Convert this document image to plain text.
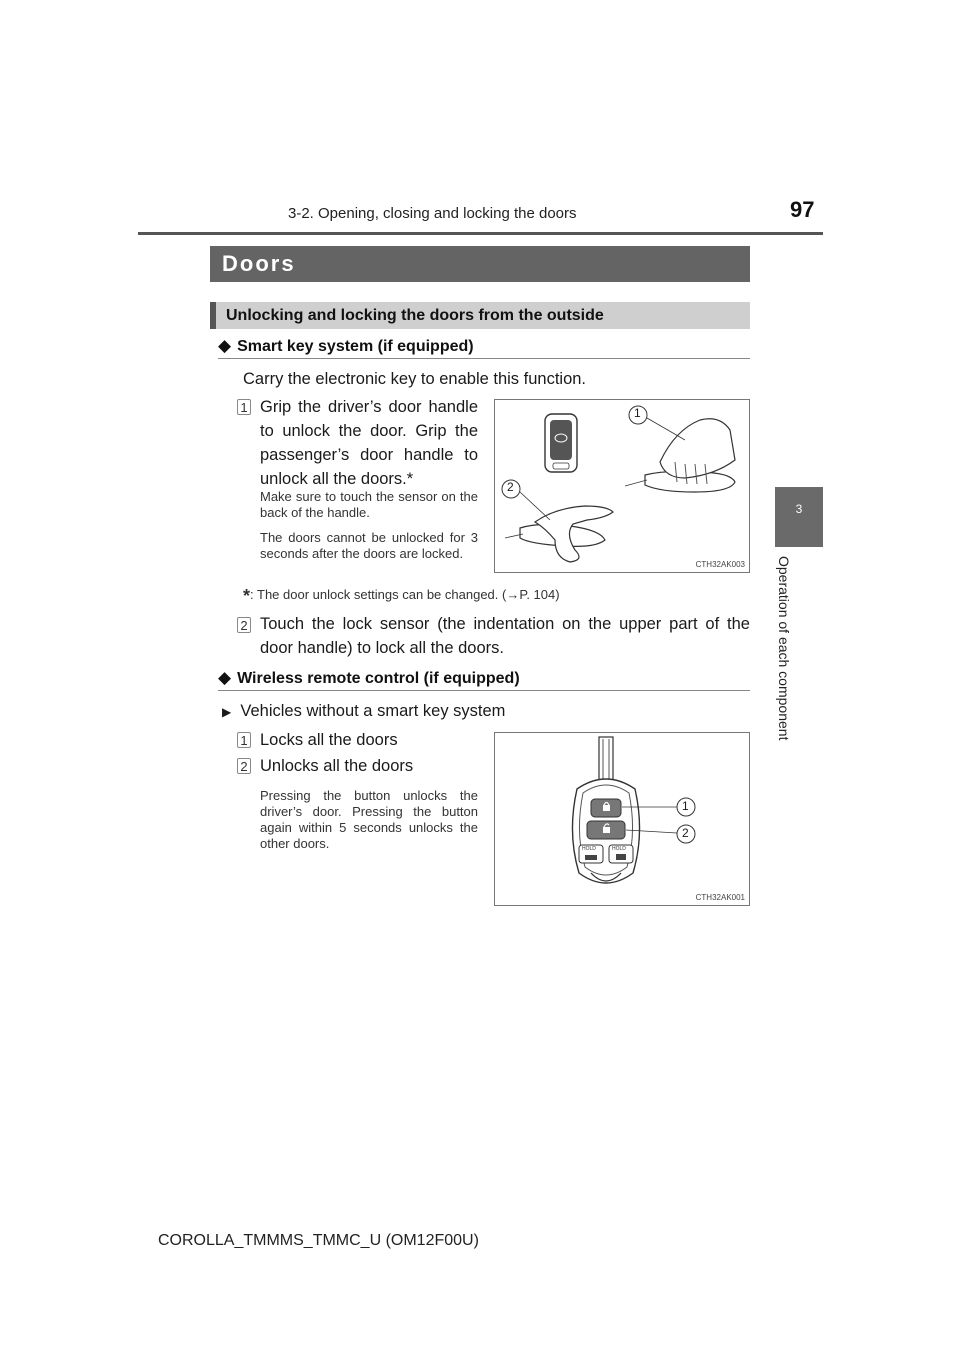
3-2. Opening, closing and locking the doors	97
3
Operation of each component
Doors
Unlocking and locking the doors from the outside
◆ Smart key system (if equipped)
Carry the electronic key to enable this function.
1 Grip the driver’s door handle to unlock the door. Grip the passenger’s door handle to unlock all the doors.*
Make sure to touch the sensor on the back of the handle.
The doors cannot be unlocked for 3 seconds after the doors are locked.
1
2
CTH32AK003
*: The door unlock settings can be changed. (→P. 104)
2 Touch the lock sensor (the indentation on the upper part of the door handle) to lock all the doors.
◆ Wireless remote control (if equipped)
▶ Vehicles without a smart key system
1 Locks all the doors
2 Unlocks all the doors
Pressing the button unlocks the driver’s door. Pressing the button again within 5 seconds unlocks the other doors.
1
2
HOLD	HOLD
CTH32AK001
COROLLA_TMMMS_TMMC_U (OM12F00U)
